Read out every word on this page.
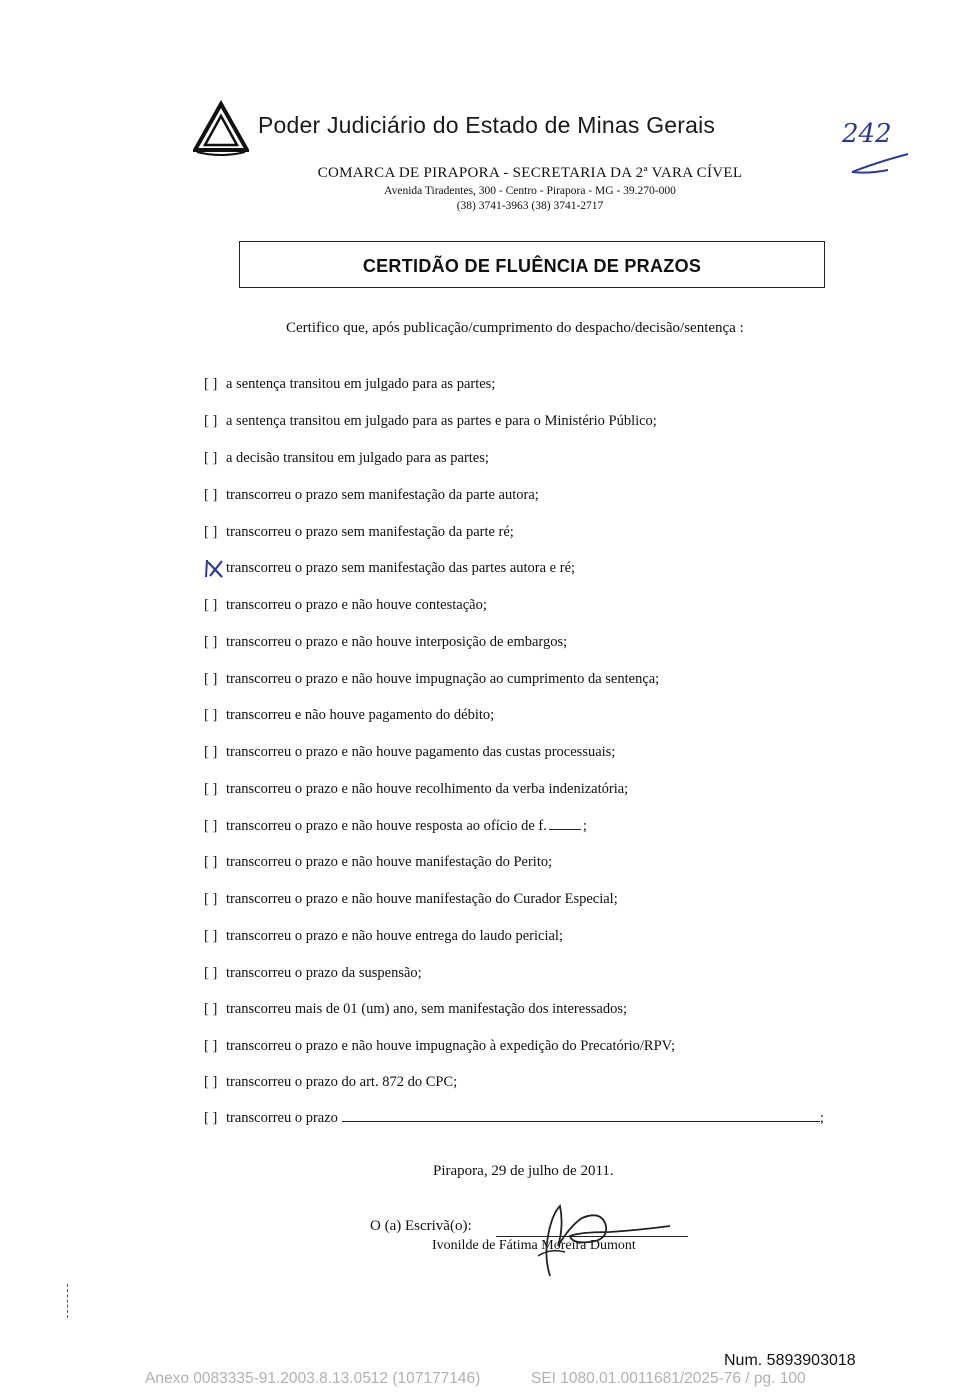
Poder Judiciário do Estado de Minas Gerais	242
COMARCA DE PIRAPORA - SECRETARIA DA 2ª VARA CÍVEL
Avenida Tiradentes, 300 - Centro - Pirapora - MG - 39.270-000
(38) 3741-3963 (38) 3741-2717
CERTIDÃO DE FLUÊNCIA DE PRAZOS
Certifico que, após publicação/cumprimento do despacho/decisão/sentença :
[ ] a sentença transitou em julgado para as partes;
[ ] a sentença transitou em julgado para as partes e para o Ministério Público;
[ ] a decisão transitou em julgado para as partes;
[ ] transcorreu o prazo sem manifestação da parte autora;
[ ] transcorreu o prazo sem manifestação da parte ré;
transcorreu o prazo sem manifestação das partes autora e ré;
[ ] transcorreu o prazo e não houve contestação;
[ ] transcorreu o prazo e não houve interposição de embargos;
[ ] transcorreu o prazo e não houve impugnação ao cumprimento da sentença;
[ ] transcorreu e não houve pagamento do débito;
[ ] transcorreu o prazo e não houve pagamento das custas processuais;
[ ] transcorreu o prazo e não houve recolhimento da verba indenizatória;
[ ] transcorreu o prazo e não houve resposta ao ofício de f. ;
[ ] transcorreu o prazo e não houve manifestação do Perito;
[ ] transcorreu o prazo e não houve manifestação do Curador Especial;
[ ] transcorreu o prazo e não houve entrega do laudo pericial;
[ ] transcorreu o prazo da suspensão;
[ ] transcorreu mais de 01 (um) ano, sem manifestação dos interessados;
[ ] transcorreu o prazo e não houve impugnação à expedição do Precatório/RPV;
[ ] transcorreu o prazo do art. 872 do CPC;
[ ] transcorreu o prazo	;
Pirapora, 29 de julho de 2011.
O (a) Escrivã(o):
Ivonilde de Fátima Moreira Dumont
Num. 5893903018
Anexo 0083335-91.2003.8.13.0512 (107177146)	SEI 1080.01.0011681/2025-76 / pg. 100
